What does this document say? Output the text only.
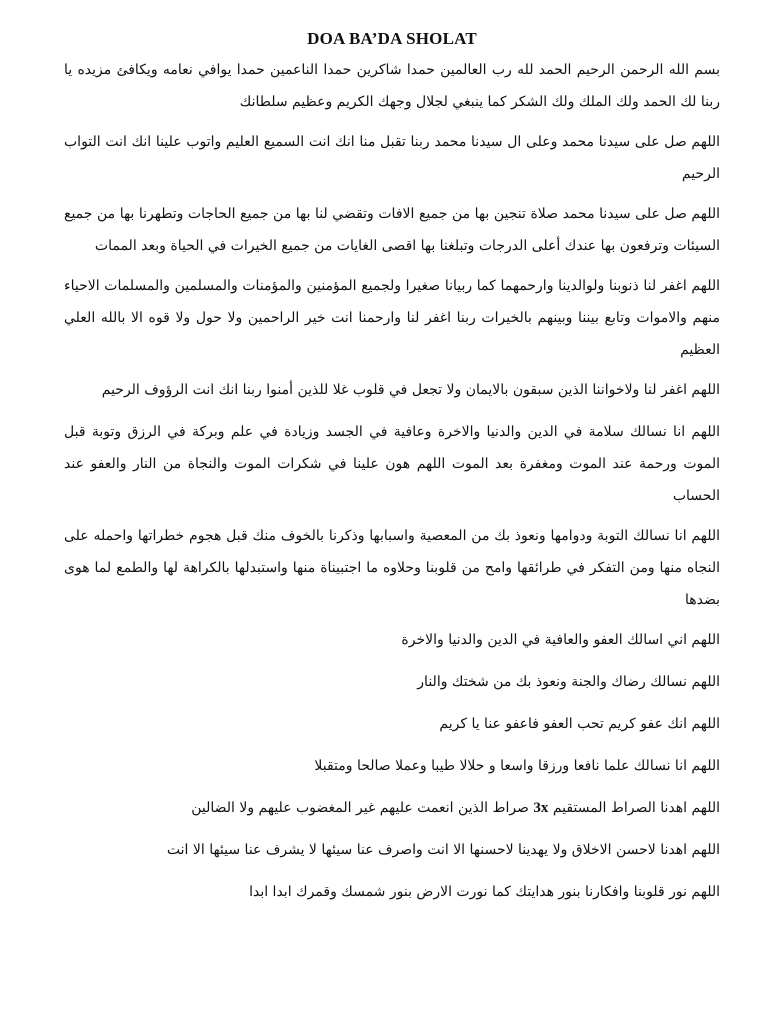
DOA BA’DA SHOLAT

بسم الله الرحمن الرحيم الحمد لله رب العالمين حمدا شاكرين حمدا الناعمين حمدا يوافي نعامه ويكافئ مزيده يا ربنا لك الحمد ولك الملك ولك الشكر كما ينبغي لجلال وجهك الكريم وعظيم سلطانك

اللهم صل على سيدنا محمد وعلى ال سيدنا محمد ربنا تقبل منا انك انت السميع العليم واتوب علينا انك انت التواب الرحيم

اللهم صل على سيدنا محمد صلاة تنجين بها من جميع الافات وتقضي لنا بها من جميع الحاجات وتطهرنا بها من جميع السيئات وترفعون بها عندك أعلى الدرجات وتبلغنا بها اقصى الغايات من جميع الخيرات في الحياة وبعد الممات

اللهم اغفر لنا ذنوبنا ولوالدينا وارحمهما كما ربيانا صغيرا ولجميع المؤمنين والمؤمنات والمسلمين والمسلمات الاحياء منهم والاموات وتابع بيننا وبينهم بالخيرات ربنا اغفر لنا وارحمنا انت خير الراحمين ولا حول ولا قوه الا بالله العلي العظيم

اللهم اغفر لنا ولاخواننا الذين سبقون بالايمان ولا تجعل في قلوب غلا للذين أمنوا ربنا انك انت الرؤوف الرحيم

اللهم انا نسالك سلامة في الدين والدنيا والاخرة وعافية في الجسد وزيادة في علم وبركة في الرزق وتوبة قبل الموت ورحمة عند الموت ومغفرة بعد الموت اللهم هون علينا في شكرات الموت والنجاة من النار والعفو عند الحساب

اللهم انا نسالك التوبة ودوامها ونعوذ بك من المعصية واسبابها وذكرنا بالخوف منك قبل هجوم خطراتها واحمله على النجاه منها ومن التفكر في طرائقها وامح من قلوبنا وحلاوه ما اجتبيناة منها واستبدلها بالكراهة لها والطمع لما هوى بضدها

اللهم اني اسالك العفو والعافية في الدين والدنيا والاخرة

اللهم نسالك رضاك والجنة ونعوذ بك من شختك والنار

اللهم انك عفو كريم تحب العفو فاعفو عنا يا كريم

اللهم انا نسالك علما نافعا ورزقا واسعا و حلالا طيبا وعملا صالحا ومتقبلا

اللهم اهدنا الصراط المستقيم 3x صراط الذين انعمت عليهم غير المغضوب عليهم ولا الضالين

اللهم اهدنا لاحسن الاخلاق ولا يهدينا لاحسنها الا انت واصرف عنا سيئها لا يشرف عنا سيئها الا انت

اللهم نور قلوبنا وافكارنا بنور هدايتك كما نورت الارض بنور شمسك وقمرك ابدا ابدا
